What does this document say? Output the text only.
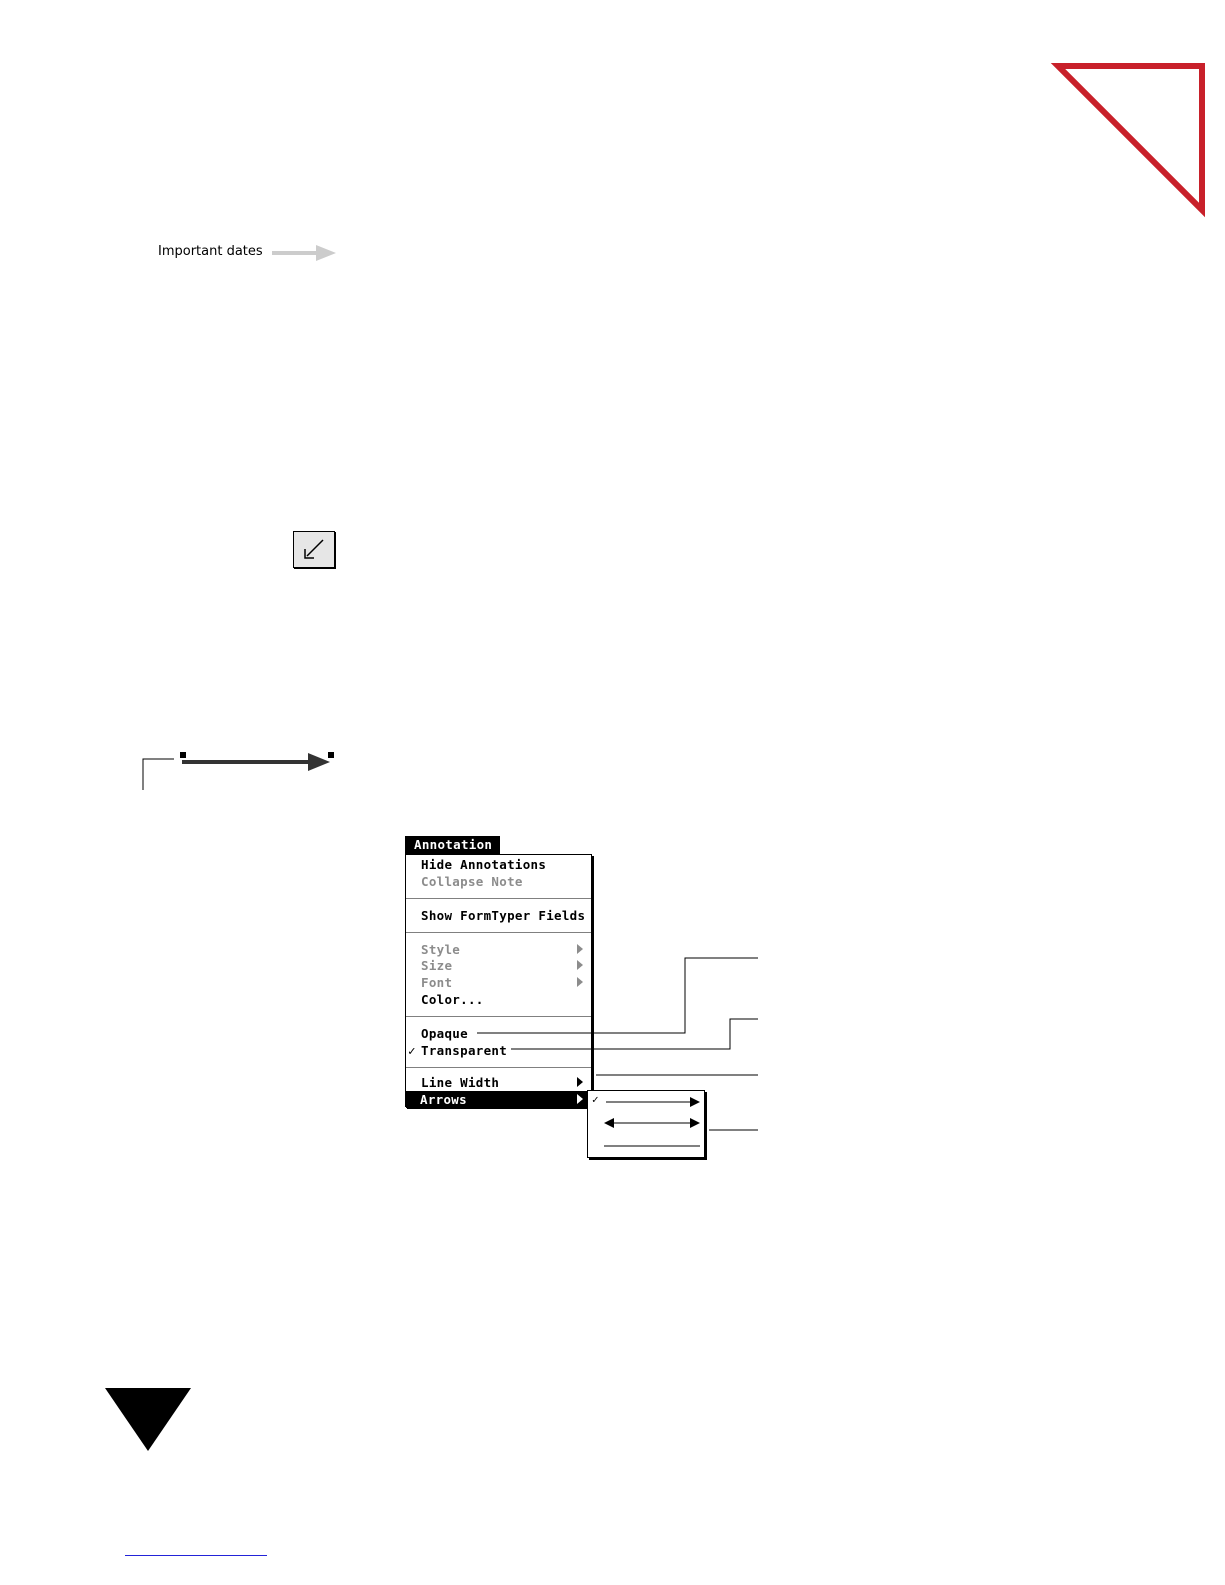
Important dates
Annotation
Hide Annotations
Collapse Note
Show FormTyper Fields
Style
Size
Font
Color...
Opaque
✓ Transparent
Line Width
Arrows	✓
